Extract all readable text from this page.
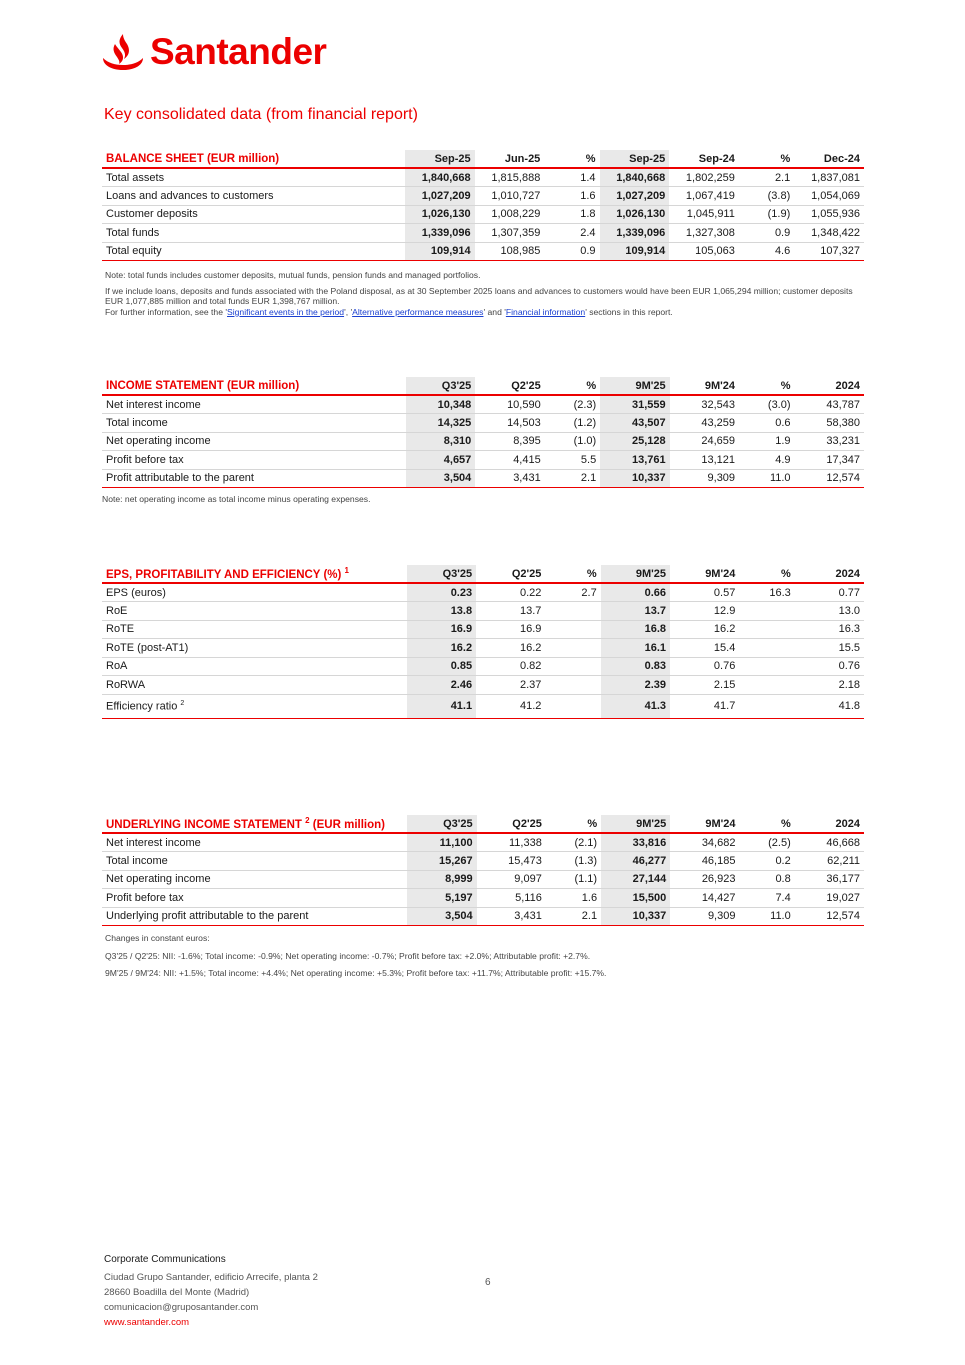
Santander
Key consolidated data (from financial report)
BALANCE SHEET (EUR million)	Sep-25	Jun-25	%	Sep-25	Sep-24	%	Dec-24
Total assets	1,840,668	1,815,888	1.4	1,840,668	1,802,259	2.1	1,837,081
Loans and advances to customers	1,027,209	1,010,727	1.6	1,027,209	1,067,419	(3.8)	1,054,069
Customer deposits	1,026,130	1,008,229	1.8	1,026,130	1,045,911	(1.9)	1,055,936
Total funds	1,339,096	1,307,359	2.4	1,339,096	1,327,308	0.9	1,348,422
Total equity	109,914	108,985	0.9	109,914	105,063	4.6	107,327
INCOME STATEMENT (EUR million)	Q3'25	Q2'25	%	9M'25	9M'24	%	2024
Net interest income	10,348	10,590	(2.3)	31,559	32,543	(3.0)	43,787
Total income	14,325	14,503	(1.2)	43,507	43,259	0.6	58,380
Net operating income	8,310	8,395	(1.0)	25,128	24,659	1.9	33,231
Profit before tax	4,657	4,415	5.5	13,761	13,121	4.9	17,347
Profit attributable to the parent	3,504	3,431	2.1	10,337	9,309	11.0	12,574
EPS, PROFITABILITY AND EFFICIENCY (%) $^1$	Q3'25	Q2'25	%	9M'25	9M'24	%	2024
EPS (euros)	0.23	0.22	2.7	0.66	0.57	16.3	0.77
RoE	13.8	13.7		13.7	12.9		13.0
RoTE	16.9	16.9		16.8	16.2		16.3
RoTE (post-AT1)	16.2	16.2		16.1	15.4		15.5
RoA	0.85	0.82		0.83	0.76		0.76
RoRWA	2.46	2.37		2.39	2.15		2.18
Efficiency ratio $^2$	41.1	41.2		41.3	41.7		41.8
UNDERLYING INCOME STATEMENT $^2$ (EUR million)	Q3'25	Q2'25	%	9M'25	9M'24	%	2024
Net interest income	11,100	11,338	(2.1)	33,816	34,682	(2.5)	46,668
Total income	15,267	15,473	(1.3)	46,277	46,185	0.2	62,211
Net operating income	8,999	9,097	(1.1)	27,144	26,923	0.8	36,177
Profit before tax	5,197	5,116	1.6	15,500	14,427	7.4	19,027
Underlying profit attributable to the parent	3,504	3,431	2.1	10,337	9,309	11.0	12,574
Note: total funds includes customer deposits, mutual funds, pension funds and managed portfolios.
If we include loans, deposits and funds associated with the Poland disposal, as at 30 September 2025 loans and advances to customers would have been EUR 1,065,294 million; customer deposits EUR 1,077,885 million and total funds EUR 1,398,767 million.
For further information, see the 'Significant events in the period', 'Alternative performance measures' and 'Financial information' sections in this report.
Note: net operating income as total income minus operating expenses.
Changes in constant euros:
Q3'25 / Q2'25: NII: -1.6%; Total income: -0.9%; Net operating income: -0.7%; Profit before tax: +2.0%; Attributable profit: +2.7%.
9M'25 / 9M'24: NII: +1.5%; Total income: +4.4%; Net operating income: +5.3%; Profit before tax: +11.7%; Attributable profit: +15.7%.
Corporate Communications
Ciudad Grupo Santander, edificio Arrecife, planta 2
28660 Boadilla del Monte (Madrid)
comunicacion@gruposantander.com
www.santander.com
6
